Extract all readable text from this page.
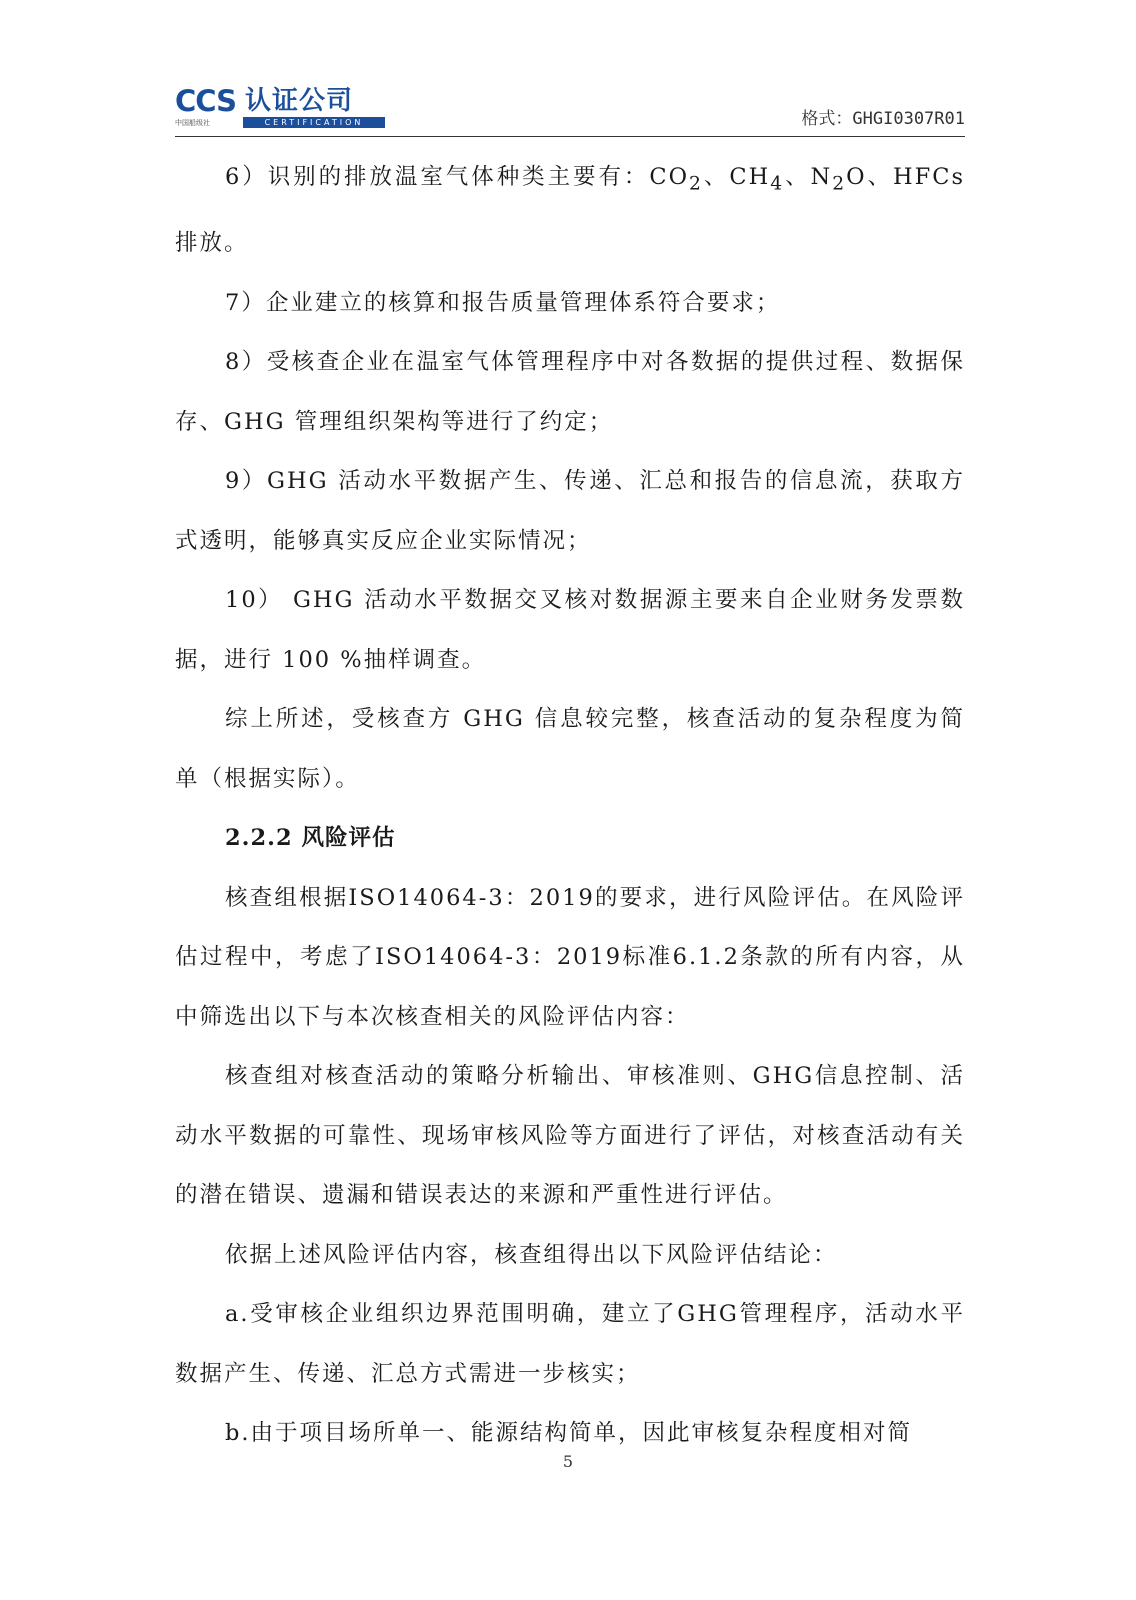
CCS 认证公司
CERTIFICATION
中国船级社	格式：GHGI0307R01

6）识别的排放温室气体种类主要有：$CO_2$、$CH_4$、$N_2O$、HFCs排放。

7）企业建立的核算和报告质量管理体系符合要求；

8）受核查企业在温室气体管理程序中对各数据的提供过程、数据保存、GHG 管理组织架构等进行了约定；

9）GHG 活动水平数据产生、传递、汇总和报告的信息流，获取方式透明，能够真实反应企业实际情况；

10） GHG 活动水平数据交叉核对数据源主要来自企业财务发票数据，进行 100 %抽样调查。

综上所述，受核查方 GHG 信息较完整，核查活动的复杂程度为简单（根据实际）。

2.2.2 风险评估

核查组根据ISO14064-3：2019的要求，进行风险评估。在风险评估过程中，考虑了ISO14064-3：2019标准6.1.2条款的所有内容，从中筛选出以下与本次核查相关的风险评估内容：

核查组对核查活动的策略分析输出、审核准则、GHG信息控制、活动水平数据的可靠性、现场审核风险等方面进行了评估，对核查活动有关的潜在错误、遗漏和错误表达的来源和严重性进行评估。

依据上述风险评估内容，核查组得出以下风险评估结论：

a.受审核企业组织边界范围明确，建立了GHG管理程序，活动水平数据产生、传递、汇总方式需进一步核实；

b.由于项目场所单一、能源结构简单，因此审核复杂程度相对简

5
